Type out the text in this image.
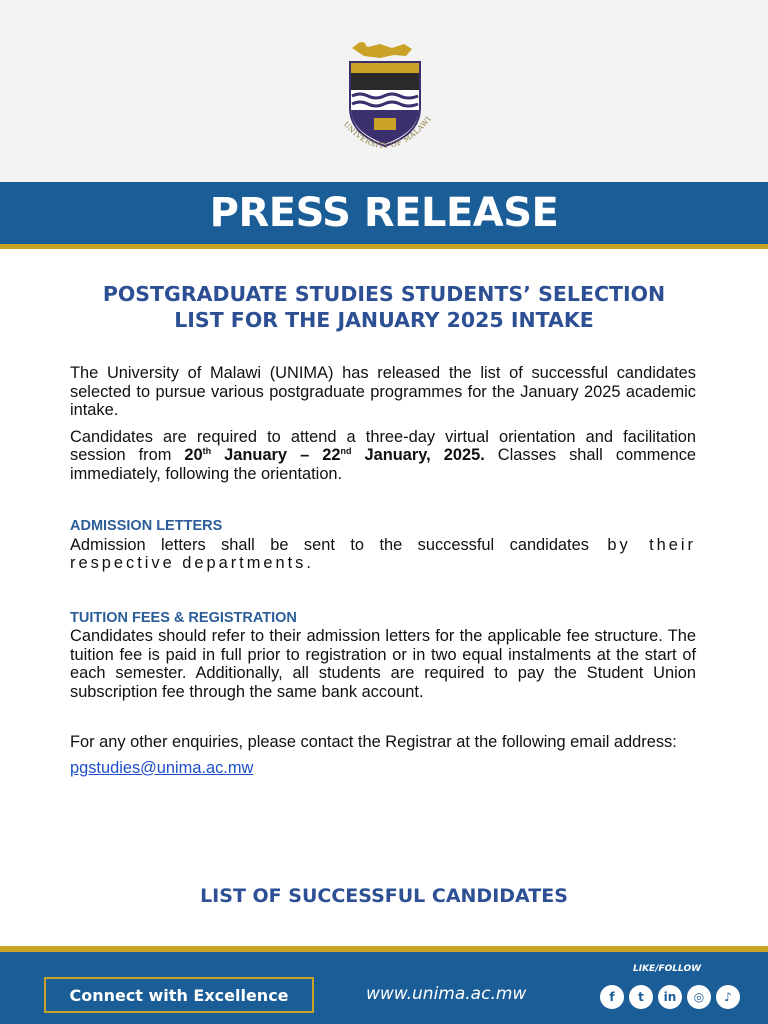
UNIVERSITY OF MALAWI
PRESS RELEASE
POSTGRADUATE STUDIES STUDENTS’ SELECTION
LIST FOR THE JANUARY 2025 INTAKE

The University of Malawi (UNIMA) has released the list of successful candidates selected to pursue various postgraduate programmes for the January 2025 academic intake.

Candidates are required to attend a three-day virtual orientation and facilitation session from 20th January – 22nd January, 2025. Classes shall commence immediately, following the orientation.

ADMISSION LETTERS

Admission letters shall be sent to the successful candidates by their respective departments.

TUITION FEES & REGISTRATION

Candidates should refer to their admission letters for the applicable fee structure. The tuition fee is paid in full prior to registration or in two equal instalments at the start of each semester. Additionally, all students are required to pay the Student Union subscription fee through the same bank account.

For any other enquiries, please contact the Registrar at the following email address:

pgstudies@unima.ac.mw
LIST OF SUCCESSFUL CANDIDATES
Connect with Excellence	www.unima.ac.mw
LIKE/FOLLOW
f	t	in	◎	♪
